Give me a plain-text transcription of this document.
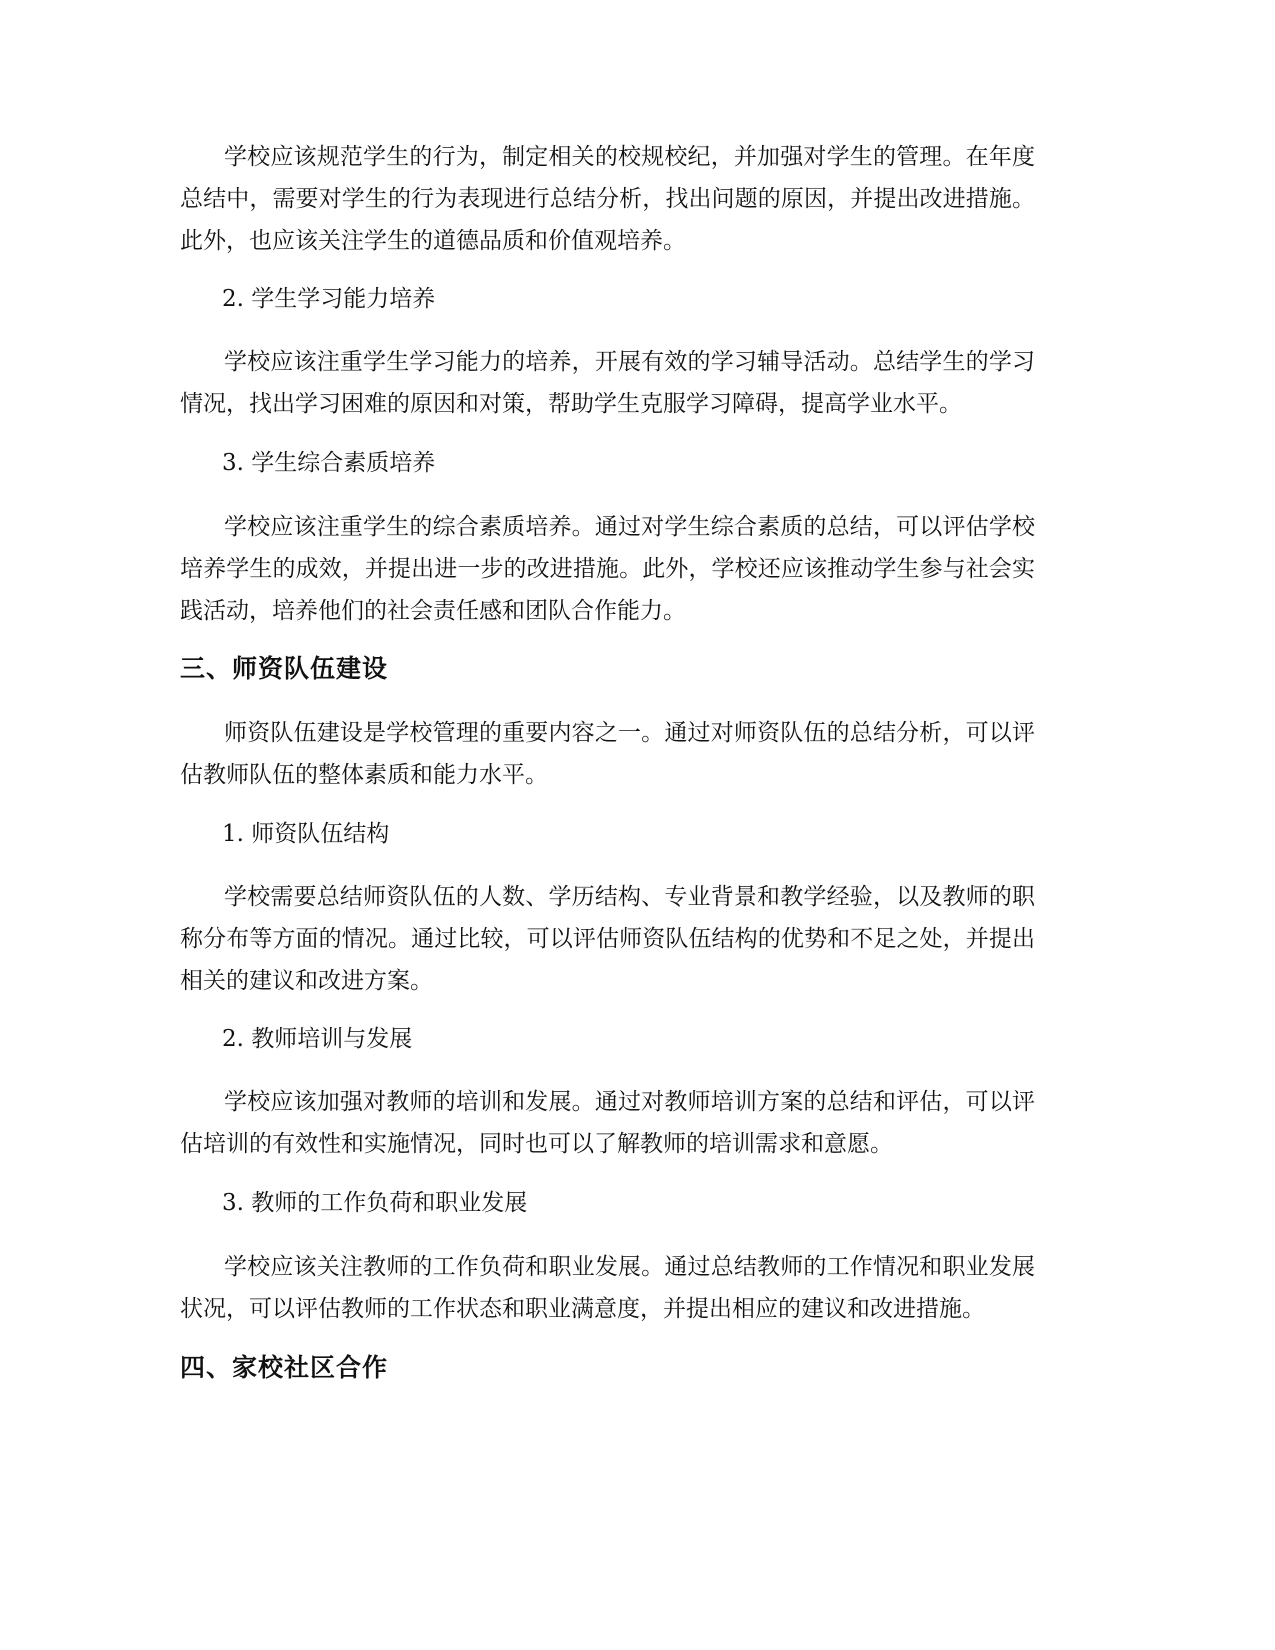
学校应该规范学生的行为，制定相关的校规校纪，并加强对学生的管理。在年度总结中，需要对学生的行为表现进行总结分析，找出问题的原因，并提出改进措施。此外，也应该关注学生的道德品质和价值观培养。

2. 学生学习能力培养

学校应该注重学生学习能力的培养，开展有效的学习辅导活动。总结学生的学习情况，找出学习困难的原因和对策，帮助学生克服学习障碍，提高学业水平。

3. 学生综合素质培养

学校应该注重学生的综合素质培养。通过对学生综合素质的总结，可以评估学校培养学生的成效，并提出进一步的改进措施。此外，学校还应该推动学生参与社会实践活动，培养他们的社会责任感和团队合作能力。

三、师资队伍建设

师资队伍建设是学校管理的重要内容之一。通过对师资队伍的总结分析，可以评估教师队伍的整体素质和能力水平。

1. 师资队伍结构

学校需要总结师资队伍的人数、学历结构、专业背景和教学经验，以及教师的职称分布等方面的情况。通过比较，可以评估师资队伍结构的优势和不足之处，并提出相关的建议和改进方案。

2. 教师培训与发展

学校应该加强对教师的培训和发展。通过对教师培训方案的总结和评估，可以评估培训的有效性和实施情况，同时也可以了解教师的培训需求和意愿。

3. 教师的工作负荷和职业发展

学校应该关注教师的工作负荷和职业发展。通过总结教师的工作情况和职业发展状况，可以评估教师的工作状态和职业满意度，并提出相应的建议和改进措施。

四、家校社区合作
